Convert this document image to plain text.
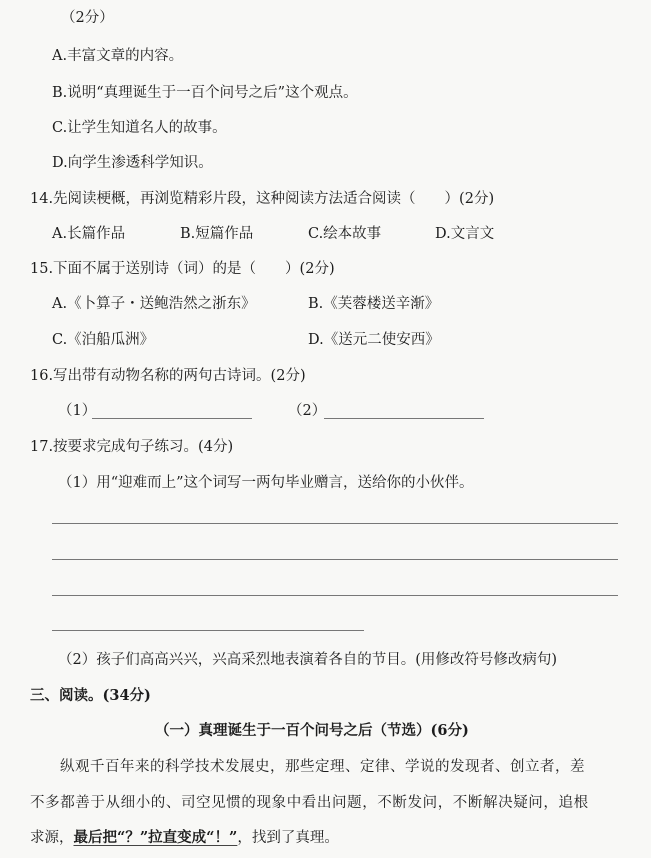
（2分）
A.丰富文章的内容。
B.说明“真理诞生于一百个问号之后”这个观点。
C.让学生知道名人的故事。
D.向学生渗透科学知识。
14.先阅读梗概，再浏览精彩片段，这种阅读方法适合阅读（　　）(2分)
A.长篇作品	B.短篇作品	C.绘本故事	D.文言文
15.下面不属于送别诗（词）的是（　　）(2分)
A.《卜算子・送鲍浩然之浙东》	B.《芙蓉楼送辛渐》
C.《泊船瓜洲》	D.《送元二使安西》
16.写出带有动物名称的两句古诗词。(2分)
（1）	（2）
17.按要求完成句子练习。(4分)
（1）用“迎难而上”这个词写一两句毕业赠言，送给你的小伙伴。
（2）孩子们高高兴兴，兴高采烈地表演着各自的节目。(用修改符号修改病句)
三、阅读。(34分)
（一）真理诞生于一百个问号之后（节选）(6分)
纵观千百年来的科学技术发展史，那些定理、定律、学说的发现者、创立者，差
不多都善于从细小的、司空见惯的现象中看出问题，不断发问，不断解决疑问，追根
求源，最后把“？”拉直变成“！”，找到了真理。
